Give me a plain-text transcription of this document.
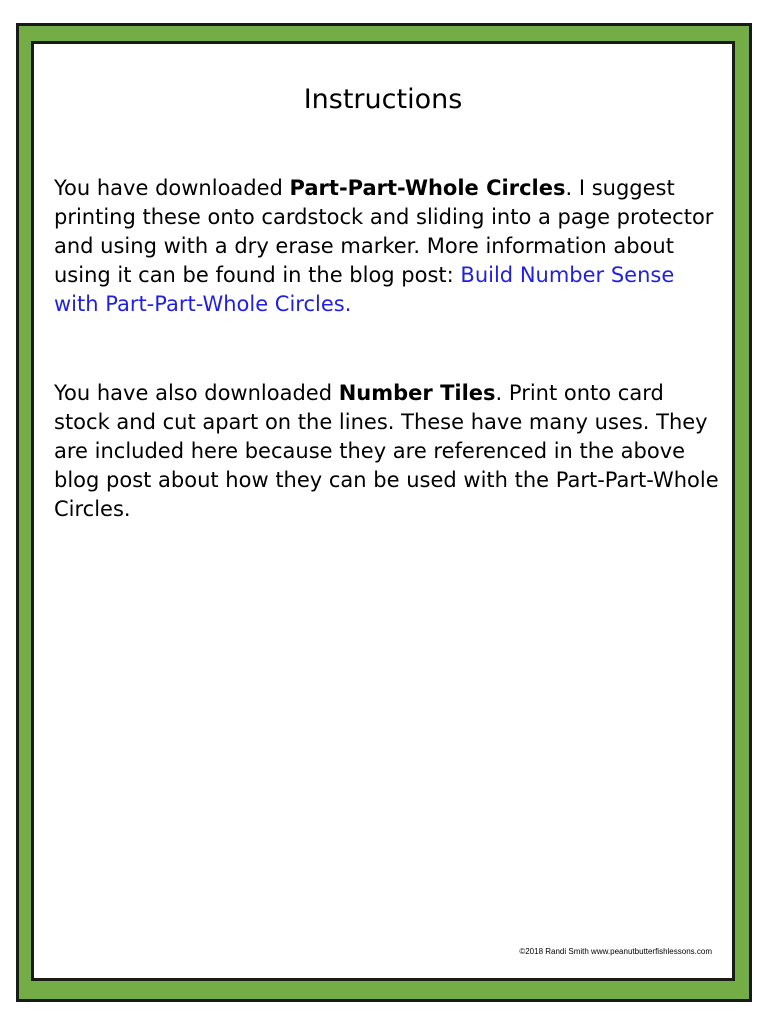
Instructions
You have downloaded Part-Part-Whole Circles. I suggest printing these onto cardstock and sliding into a page protector and using with a dry erase marker. More information about using it can be found in the blog post: Build Number Sense with Part-Part-Whole Circles.
You have also downloaded Number Tiles. Print onto card stock and cut apart on the lines. These have many uses. They are included here because they are referenced in the above blog post about how they can be used with the Part-Part-Whole Circles.
©2018 Randi Smith www.peanutbutterfishlessons.com
